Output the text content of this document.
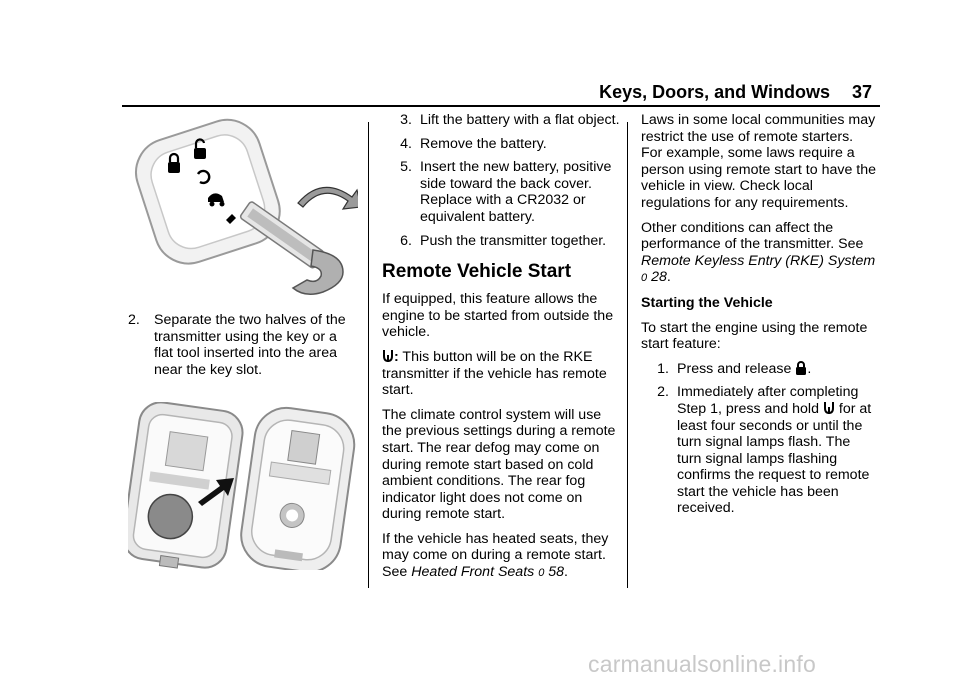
Keys, Doors, and Windows 37
2. Separate the two halves of the transmitter using the key or a flat tool inserted into the area near the key slot.
3. Lift the battery with a flat object.
4. Remove the battery.
5. Insert the new battery, positive side toward the back cover. Replace with a CR2032 or equivalent battery.
6. Push the transmitter together.
Remote Vehicle Start

If equipped, this feature allows the engine to be started from outside the vehicle.

: This button will be on the RKE transmitter if the vehicle has remote start.

The climate control system will use the previous settings during a remote start. The rear defog may come on during remote start based on cold ambient conditions. The rear fog indicator light does not come on during remote start.

If the vehicle has heated seats, they may come on during a remote start. See Heated Front Seats 0 58.

Laws in some local communities may restrict the use of remote starters. For example, some laws require a person using remote start to have the vehicle in view. Check local regulations for any requirements.

Other conditions can affect the performance of the transmitter. See Remote Keyless Entry (RKE) System 0 28.

Starting the Vehicle

To start the engine using the remote start feature:

1. Press and release .
2. Immediately after completing Step 1, press and hold for at least four seconds or until the turn signal lamps flash. The turn signal lamps flashing confirms the request to remote start the vehicle has been received.
carmanualsonline.info
